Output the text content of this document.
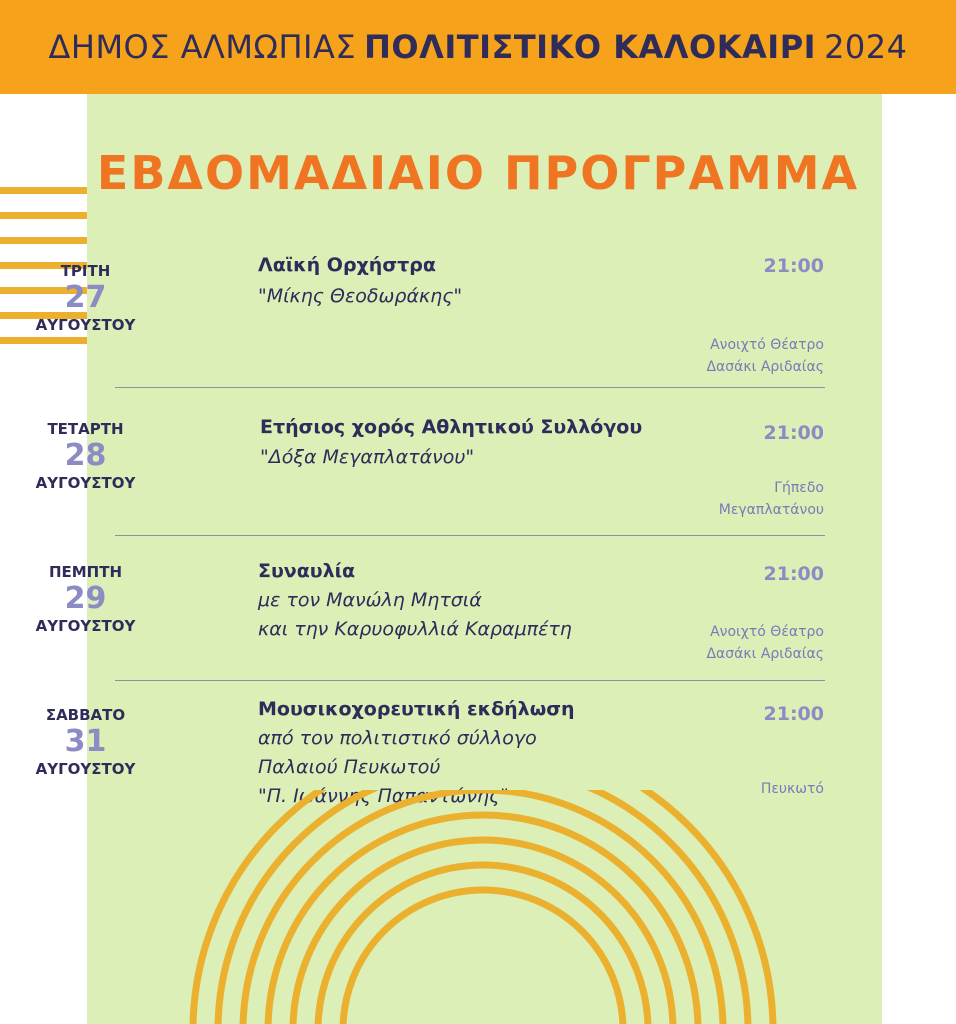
ΔΗΜΟΣ ΑΛΜΩΠΙΑΣ ΠΟΛΙΤΙΣΤΙΚΟ ΚΑΛΟΚΑΙΡΙ 2024
ΕΒΔΟΜΑΔΙΑΙΟ ΠΡΟΓΡΑΜΜΑ
ΤΡΙΤΗ
27
ΑΥΓΟΥΣΤΟΥ
Λαϊκή Ορχήστρα
"Μίκης Θεοδωράκης"
21:00
Ανοιχτό Θέατρο
Δασάκι Αριδαίας
ΤΕΤΑΡΤΗ
28
ΑΥΓΟΥΣΤΟΥ
Ετήσιος χορός Αθλητικού Συλλόγου
"Δόξα Μεγαπλατάνου"
21:00
Γήπεδο
Μεγαπλατάνου
ΠΕΜΠΤΗ
29
ΑΥΓΟΥΣΤΟΥ
Συναυλία
με τον Μανώλη Μητσιά
και την Καρυοφυλλιά Καραμπέτη
21:00
Ανοιχτό Θέατρο
Δασάκι Αριδαίας
ΣΑΒΒΑΤΟ
31
ΑΥΓΟΥΣΤΟΥ
Μουσικοχορευτική εκδήλωση
από τον πολιτιστικό σύλλογο
Παλαιού Πευκωτού
"Π. Ιωάννης Παπαντώνης"
21:00
Πευκωτό
